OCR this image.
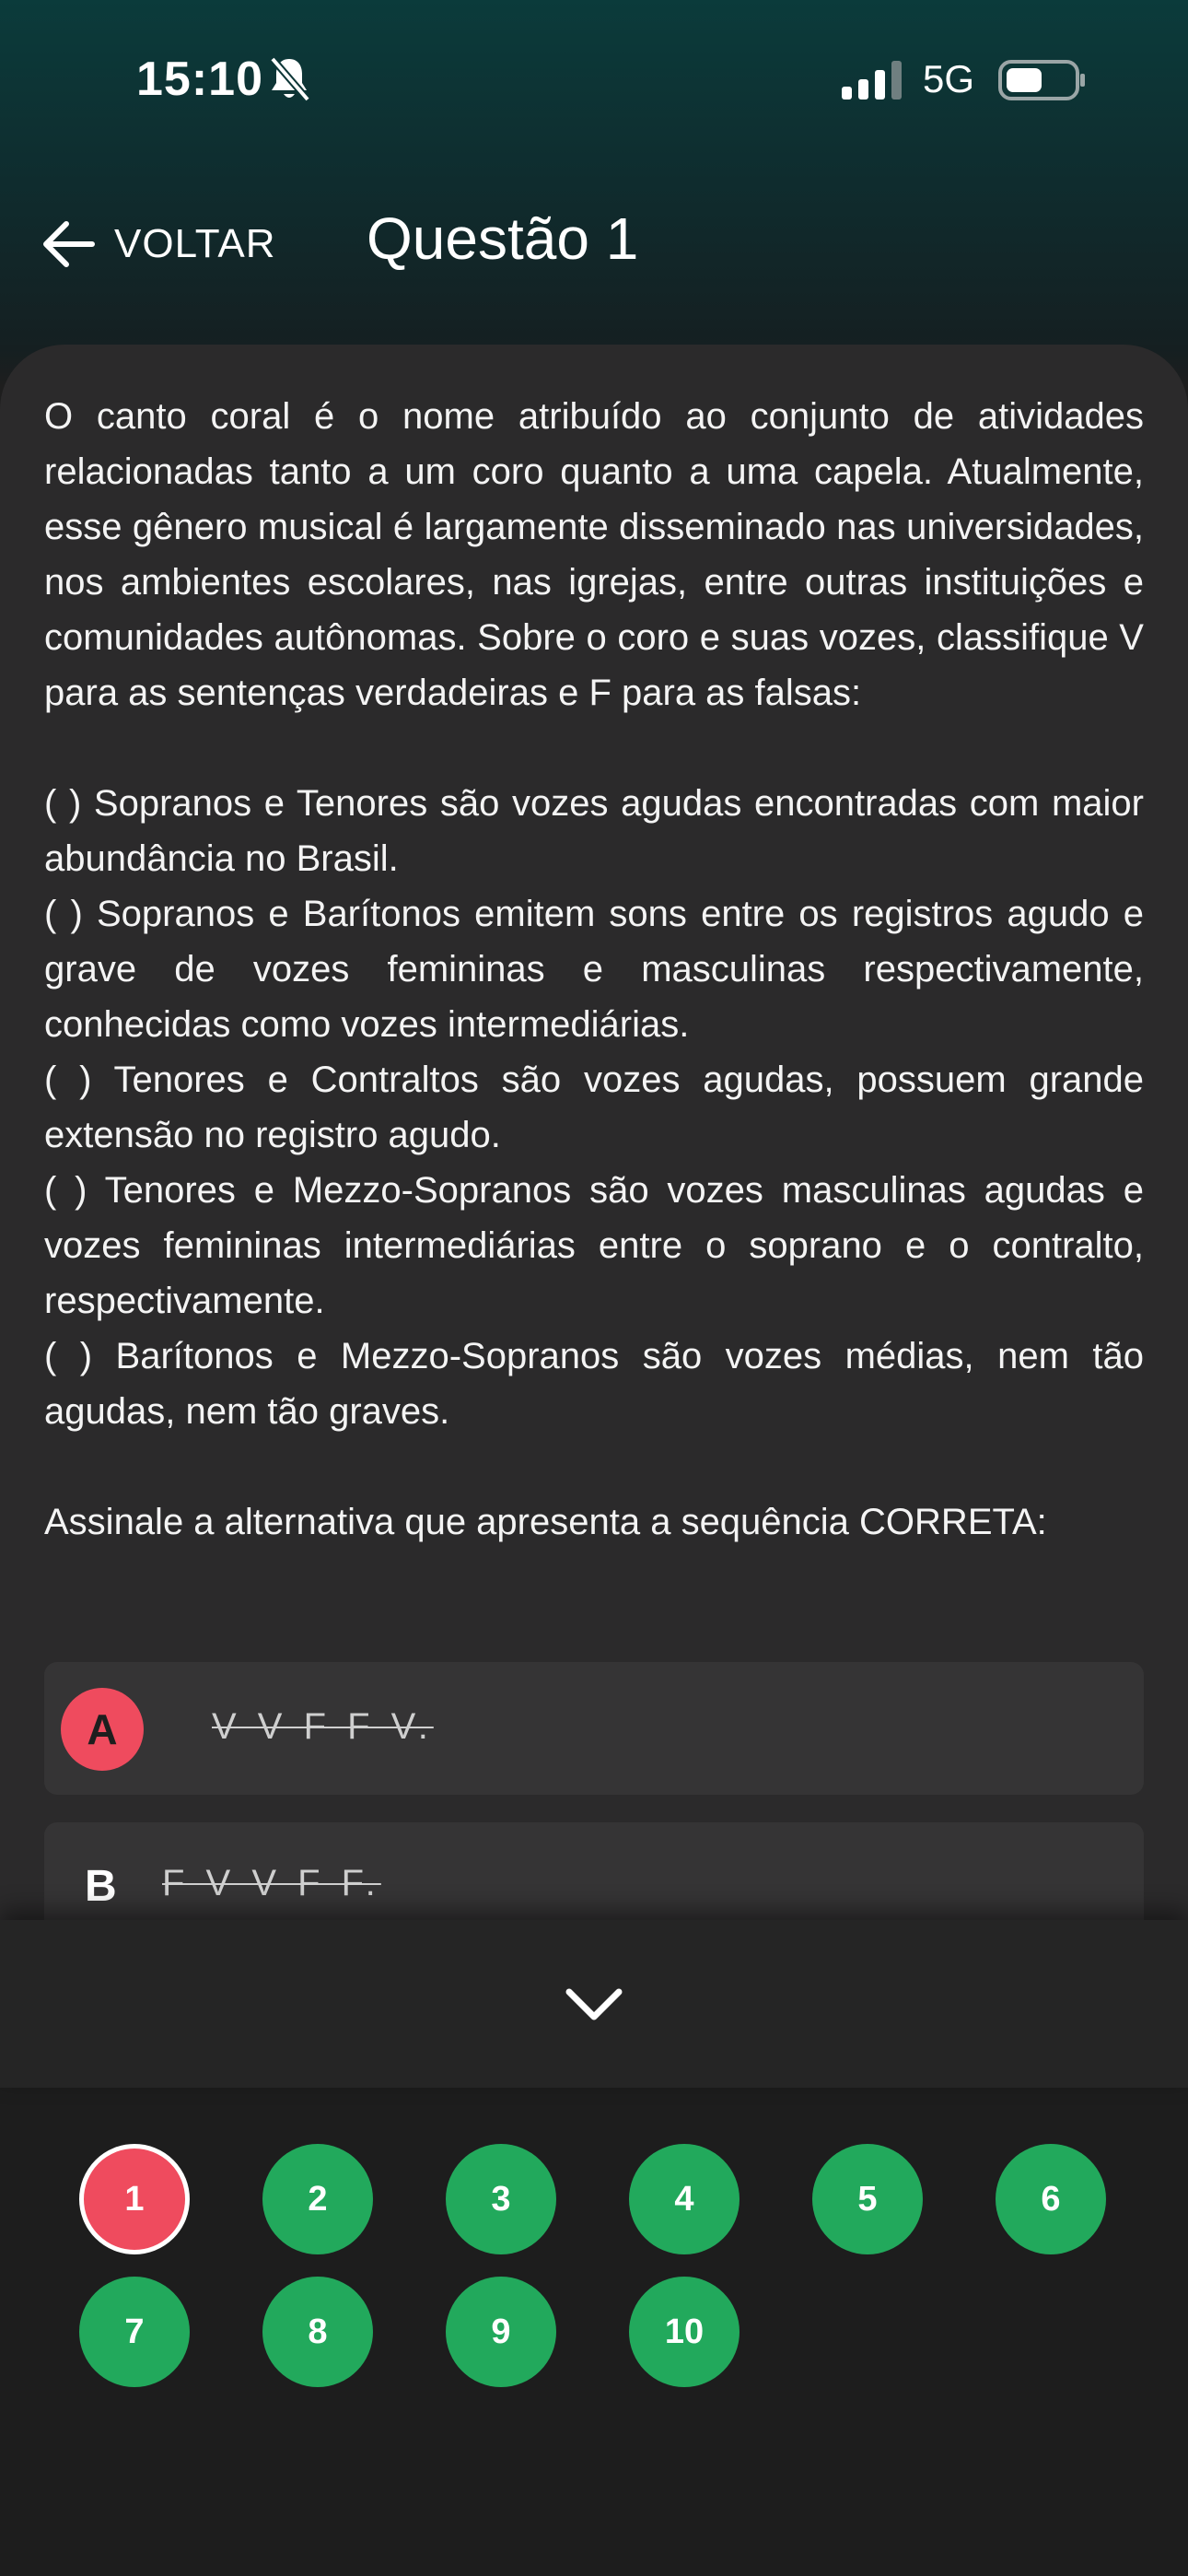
15:10	5G
VOLTAR Questão 1

O canto coral é o nome atribuído ao conjunto de atividades relacionadas tanto a um coro quanto a uma capela. Atualmente, esse gênero musical é largamente disseminado nas universidades, nos ambientes escolares, nas igrejas, entre outras instituições e comunidades autônomas. Sobre o coro e suas vozes, classifique V para as sentenças verdadeiras e F para as falsas:

( ) Sopranos e Tenores são vozes agudas encontradas com maior abundância no Brasil.

( ) Sopranos e Barítonos emitem sons entre os registros agudo e grave de vozes femininas e masculinas respectivamente, conhecidas como vozes intermediárias.

( ) Tenores e Contraltos são vozes agudas, possuem grande extensão no registro agudo.

( ) Tenores e Mezzo-Sopranos são vozes masculinas agudas e vozes femininas intermediárias entre o soprano e o contralto, respectivamente.

( ) Barítonos e Mezzo-Sopranos são vozes médias, nem tão agudas, nem tão graves.

Assinale a alternativa que apresenta a sequência CORRETA:

A	V V F F V.
B F V V F F.
1	2	3	4	5	6
7	8	9	10
